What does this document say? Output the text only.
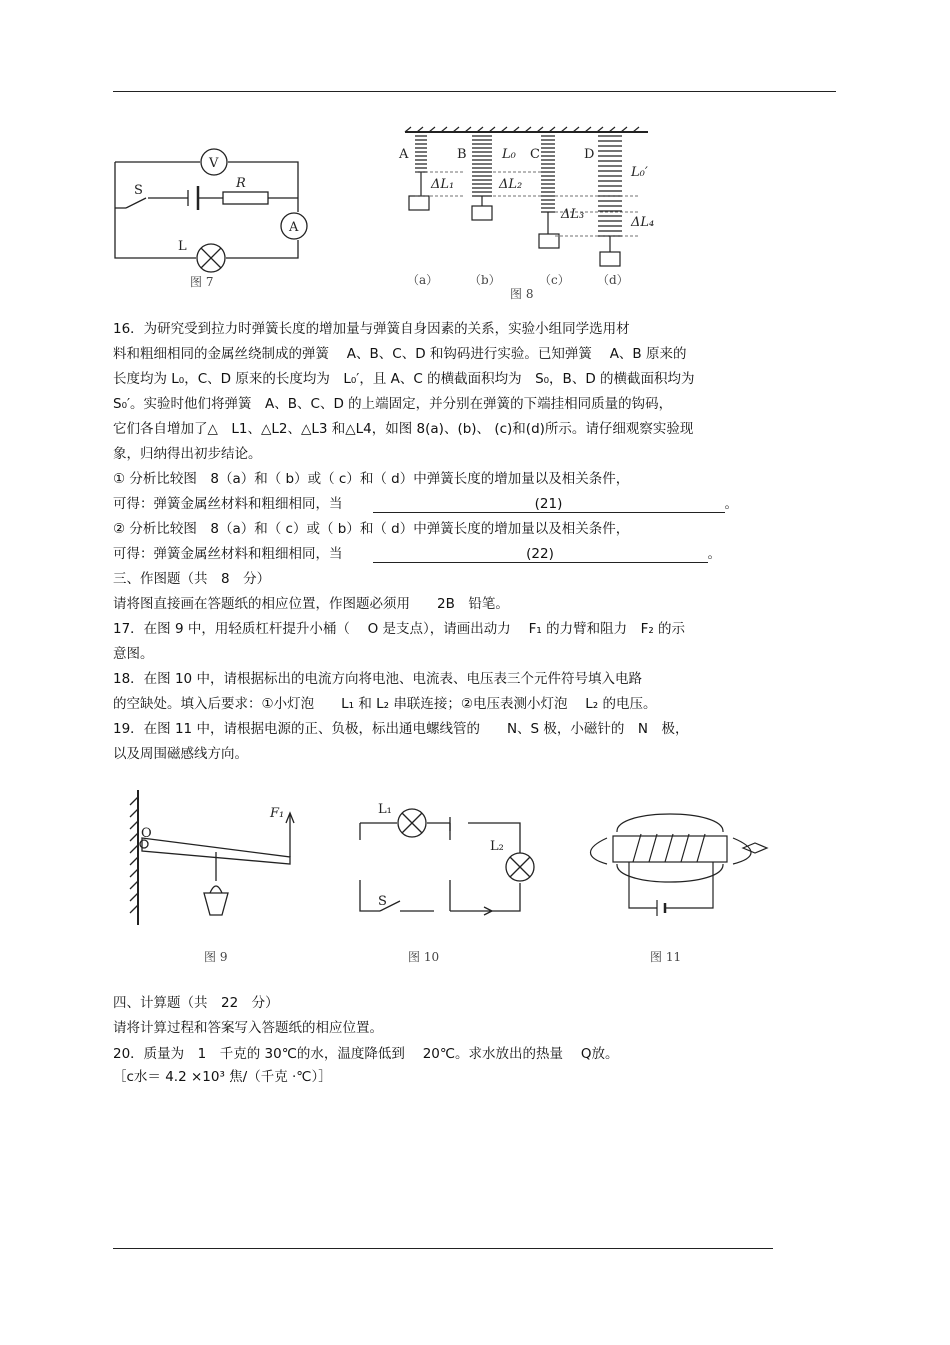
V
A
S	R
L
图 7
A	B	C	D
L₀
L₀′
ΔL₁	ΔL₂
ΔL₃
ΔL₄
（a）	（b）	（c） （d）
图 8
16．为研究受到拉力时弹簧长度的增加量与弹簧自身因素的关系，实验小组同学选用材
料和粗细相同的金属丝绕制成的弹簧　 A、B、C、D 和钩码进行实验。已知弹簧　 A、B 原来的
长度均为 L₀，C、D 原来的长度均为　L₀′，且 A、C 的横截面积均为　S₀，B、D 的横截面积均为
S₀′。实验时他们将弹簧　A、B、C、D 的上端固定，并分别在弹簧的下端挂相同质量的钩码，
它们各自增加了△　L1、△L2、△L3 和△L4，如图 8(a)、(b)、 (c)和(d)所示。请仔细观察实验现
象，归纳得出初步结论。
① 分析比较图　8（a）和（ b）或（ c）和（ d）中弹簧长度的增加量以及相关条件，
可得：弹簧金属丝材料和粗细相同，当	(21)	。
② 分析比较图　8（a）和（ c）或（ b）和（ d）中弹簧长度的增加量以及相关条件，
可得：弹簧金属丝材料和粗细相同，当	(22)	。
三、作图题（共　8　分）
请将图直接画在答题纸的相应位置，作图题必须用　　2B　铅笔。
17．在图 9 中，用轻质杠杆提升小桶（　 O 是支点），请画出动力　 F₁ 的力臂和阻力　F₂ 的示
意图。
18．在图 10 中，请根据标出的电流方向将电池、电流表、电压表三个元件符号填入电路
的空缺处。填入后要求：①小灯泡　　L₁ 和 L₂ 串联连接；②电压表测小灯泡　 L₂ 的电压。
19．在图 11 中，请根据电源的正、负极，标出通电螺线管的　　N、S 极，小磁针的　N　极，
以及周围磁感线方向。
O
F₁
图 9
L₁
L₂
S
图 10	图 11
四、计算题（共　22　分）
请将计算过程和答案写入答题纸的相应位置。
20．质量为　1　千克的 30℃的水，温度降低到　 20℃。求水放出的热量　 Q放。
［c水＝ 4.2 ×10³ 焦/（千克 ·℃）］
